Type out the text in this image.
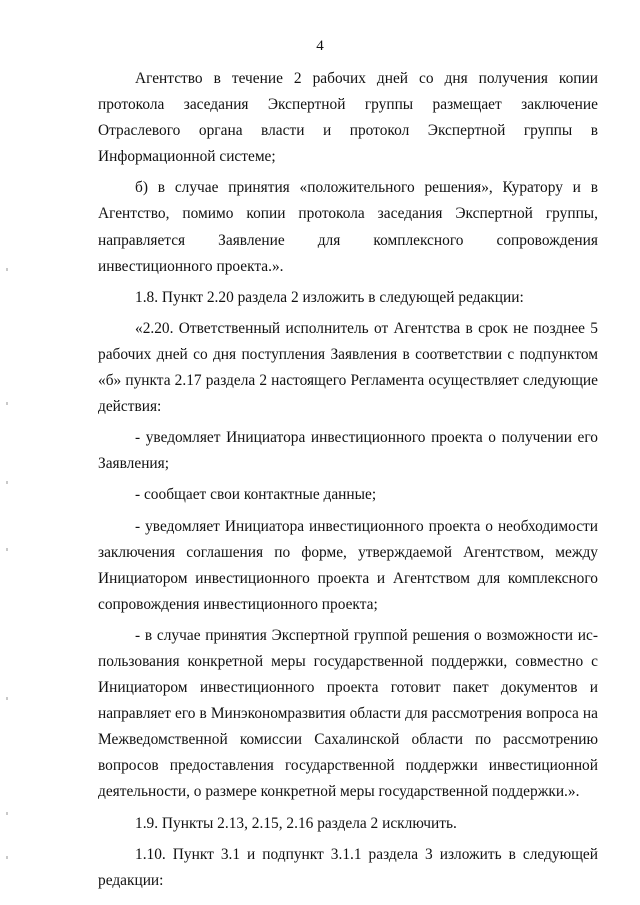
4

Агентство в течение 2 рабочих дней со дня получения копии протокола заседания Экспертной группы размещает заключение Отраслевого органа власти и протокол Экспертной группы в Информационной системе;

б) в случае принятия «положительного решения», Куратору и в Агентство, помимо копии протокола заседания Экспертной группы, направляется Заявление для комплексного сопровождения инвестиционного проекта.».

1.8. Пункт 2.20 раздела 2 изложить в следующей редакции:

«2.20. Ответственный исполнитель от Агентства в срок не позднее 5 рабочих дней со дня поступления Заявления в соответствии с подпунктом «б» пункта 2.17 раздела 2 настоящего Регламента осуществляет следующие действия:

- уведомляет Инициатора инвестиционного проекта о получении его Заявления;

- сообщает свои контактные данные;

- уведомляет Инициатора инвестиционного проекта о необходимости заключения соглашения по форме, утверждаемой Агентством, между Инициатором инвестиционного проекта и Агентством для комплексного сопровождения инвестиционного проекта;

- в случае принятия Экспертной группой решения о возможности использования конкретной меры государственной поддержки, совместно с Инициатором инвестиционного проекта готовит пакет документов и направляет его в Минэкономразвития области для рассмотрения вопроса на Межведомственной комиссии Сахалинской области по рассмотрению вопросов предоставления государственной поддержки инвестиционной деятельности, о размере конкретной меры государственной поддержки.».

1.9. Пункты 2.13, 2.15, 2.16 раздела 2 исключить.

1.10. Пункт 3.1 и подпункт 3.1.1 раздела 3 изложить в следующей редакции:
